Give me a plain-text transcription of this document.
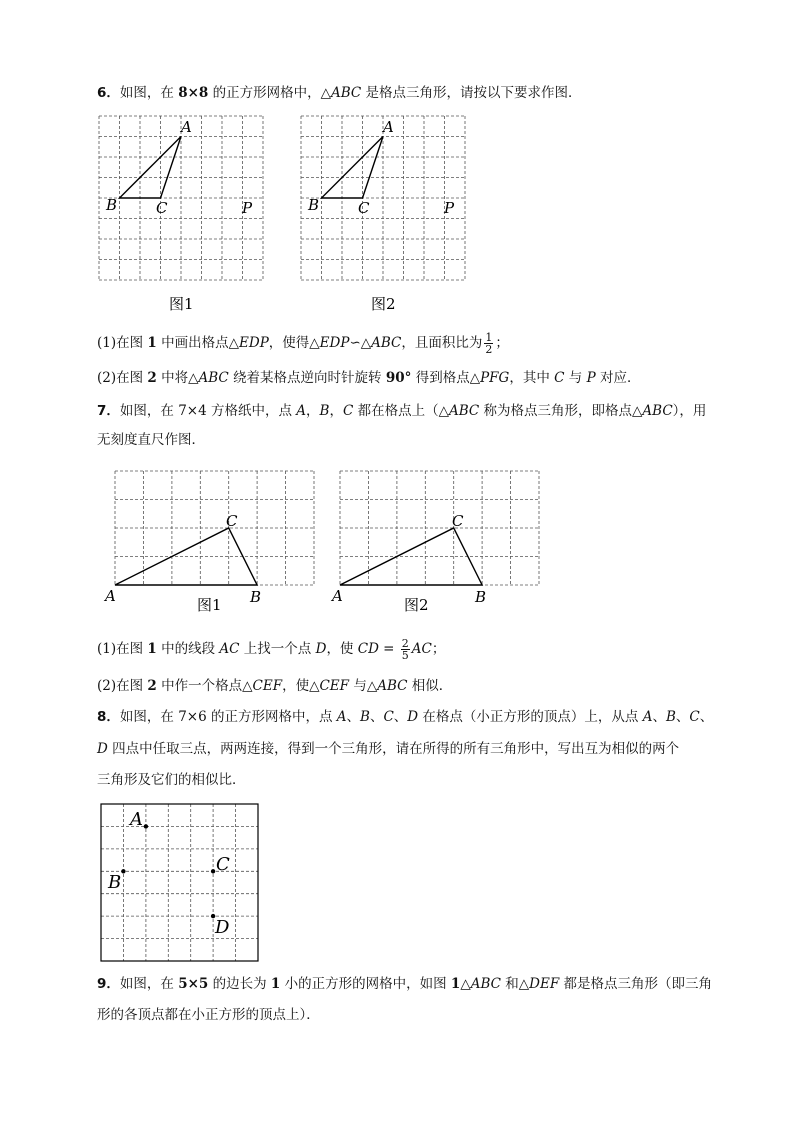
6．如图，在 8×8 的正方形网格中，△ABC 是格点三角形，请按以下要求作图．
A
B	C	P
图1
A
B	C	P
图2
(1)在图 1 中画出格点△EDP，使得△EDP∽△ABC，且面积比为 $\frac{1}{2}$ ；
(2)在图 2 中将△ABC 绕着某格点逆向时针旋转 90° 得到格点△PFG，其中 C 与 P 对应．
7．如图，在 7×4 方格纸中，点 A，B，C 都在格点上（△ABC 称为格点三角形，即格点△ABC），用
无刻度直尺作图．
A	B
C
图1	A	B
C
图2
(1)在图 1 中的线段 AC 上找一个点 D，使 CD = $\frac{2}{5}$ AC；
(2)在图 2 中作一个格点△CEF，使△CEF 与△ABC 相似．
8．如图，在 7×6 的正方形网格中，点 A、B、C、D 在格点（小正方形的顶点）上，从点 A、B、C、
D 四点中任取三点，两两连接，得到一个三角形，请在所得的所有三角形中，写出互为相似的两个
三角形及它们的相似比．
A
B
C
D
9．如图，在 5×5 的边长为 1 小的正方形的网格中，如图 1△ABC 和△DEF 都是格点三角形（即三角
形的各顶点都在小正方形的顶点上）．
